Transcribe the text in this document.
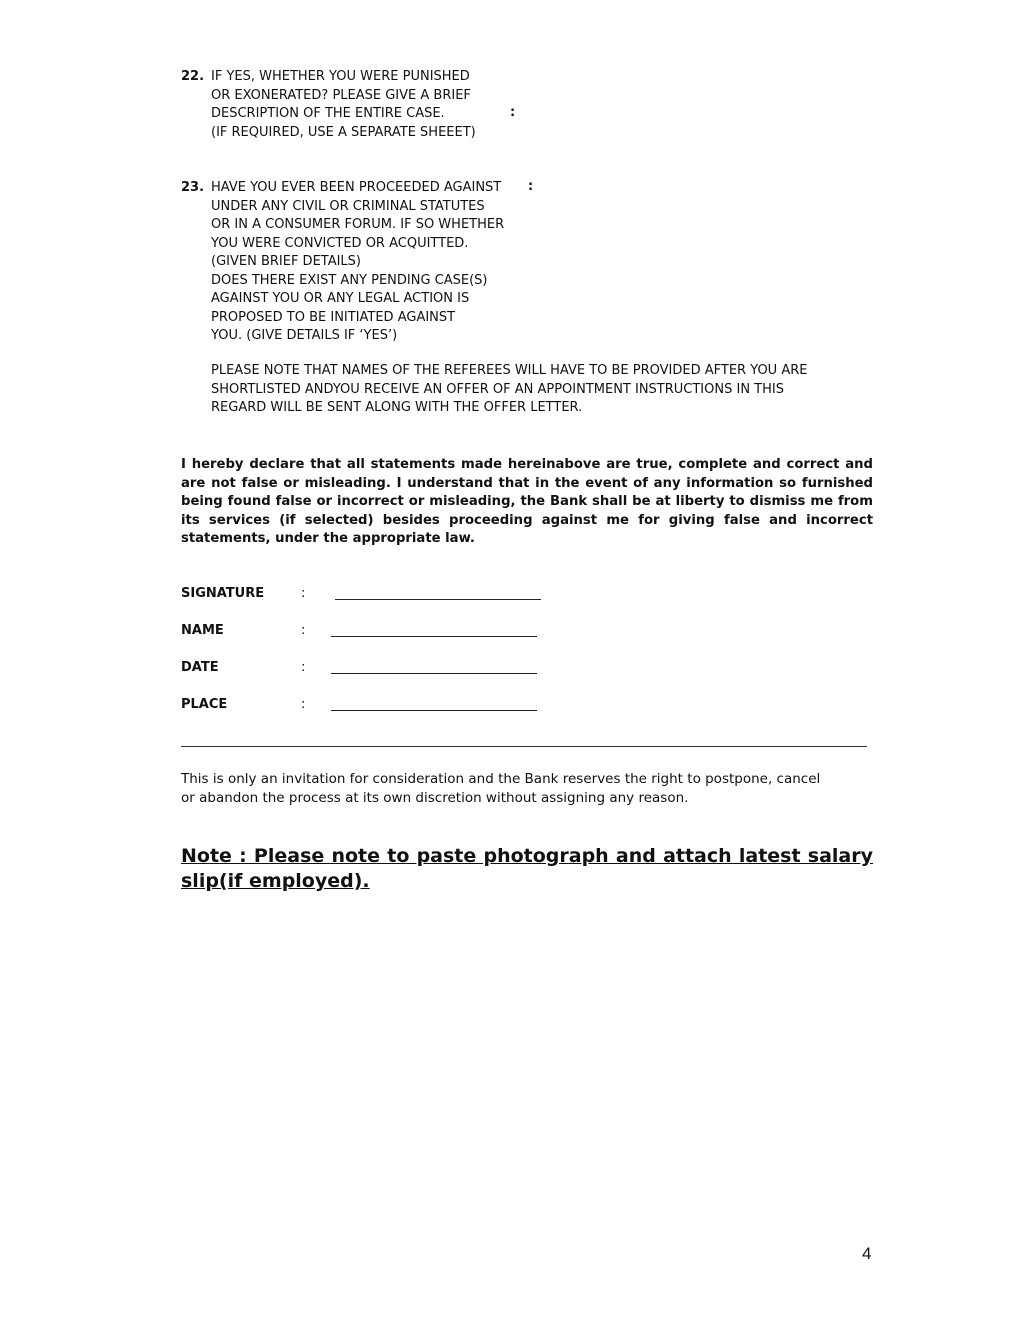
22. IF YES, WHETHER YOU WERE PUNISHED
OR EXONERATED? PLEASE GIVE A BRIEF
DESCRIPTION OF THE ENTIRE CASE.
(IF REQUIRED, USE A SEPARATE SHEEET)
:
23. HAVE YOU EVER BEEN PROCEEDED AGAINST
UNDER ANY CIVIL OR CRIMINAL STATUTES
OR IN A CONSUMER FORUM. IF SO WHETHER
YOU WERE CONVICTED OR ACQUITTED.
(GIVEN BRIEF DETAILS)
DOES THERE EXIST ANY PENDING CASE(S)
AGAINST YOU OR ANY LEGAL ACTION IS
PROPOSED TO BE INITIATED AGAINST
YOU. (GIVE DETAILS IF ‘YES’)
:
PLEASE NOTE THAT NAMES OF THE REFEREES WILL HAVE TO BE PROVIDED AFTER YOU ARE
SHORTLISTED ANDYOU RECEIVE AN OFFER OF AN APPOINTMENT INSTRUCTIONS IN THIS
REGARD WILL BE SENT ALONG WITH THE OFFER LETTER.
I hereby declare that all statements made hereinabove are true, complete and correct and are not false or misleading. I understand that in the event of any information so furnished being found false or incorrect or misleading, the Bank shall be at liberty to dismiss me from its services (if selected) besides proceeding against me for giving false and incorrect statements, under the appropriate law.
SIGNATURE	:
NAME	:
DATE	:
PLACE	:
This is only an invitation for consideration and the Bank reserves the right to postpone, cancel
or abandon the process at its own discretion without assigning any reason.
Note : Please note to paste photograph and attach latest salary slip(if employed).
4
